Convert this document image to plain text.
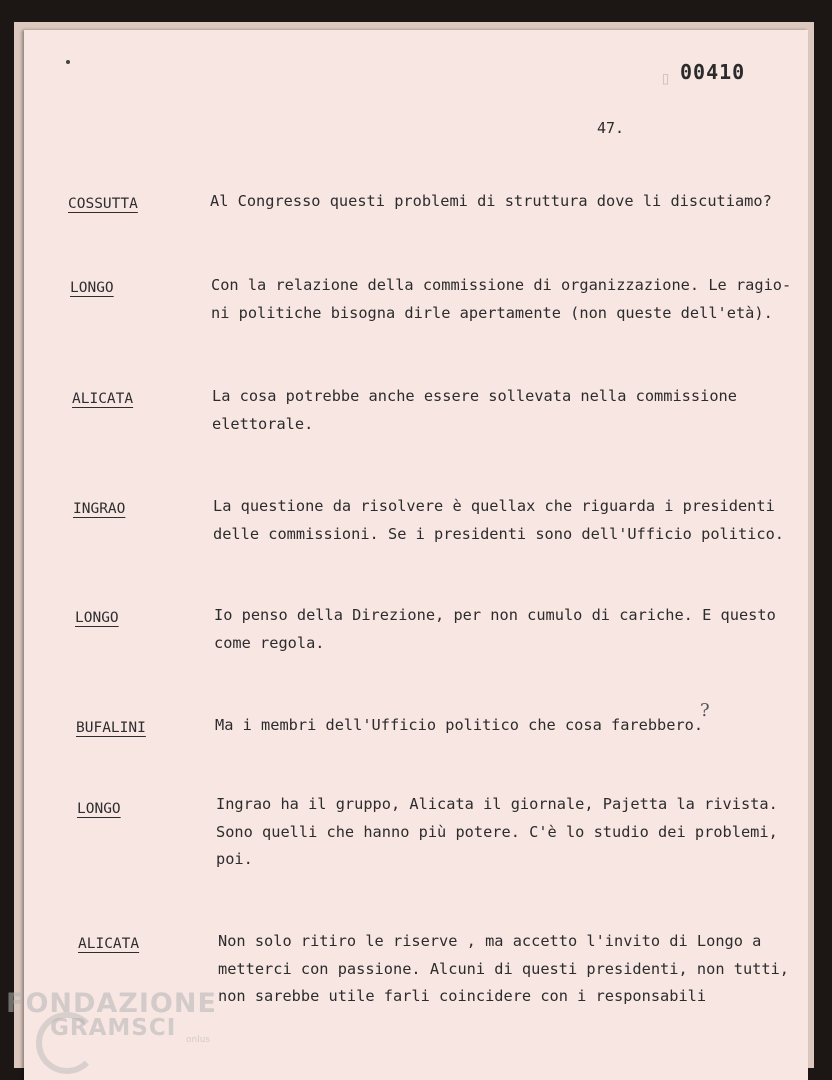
▯ 00410
47.
COSSUTTA	Al Congresso questi problemi di struttura dove li discutiamo?
LONGO	Con la relazione della commissione di organizzazione. Le ragio- ni politiche bisogna dirle apertamente (non queste dell'età).
ALICATA	La cosa potrebbe anche essere sollevata nella commissione elettorale.
INGRAO	La questione da risolvere è quellax che riguarda i presidenti delle commissioni. Se i presidenti sono dell'Ufficio politico.
LONGO	Io penso della Direzione, per non cumulo di cariche. E questo come regola.
BUFALINI	Ma i membri dell'Ufficio politico che cosa farebbero.
?
LONGO	Ingrao ha il gruppo, Alicata il giornale, Pajetta la rivista. Sono quelli che hanno più potere. C'è lo studio dei problemi, poi.
ALICATA	Non solo ritiro le riserve , ma accetto l'invito di Longo a metterci con passione. Alcuni di questi presidenti, non tutti, non sarebbe utile farli coincidere con i responsabili
FONDAZIONE
GRAMSCI	onlus
